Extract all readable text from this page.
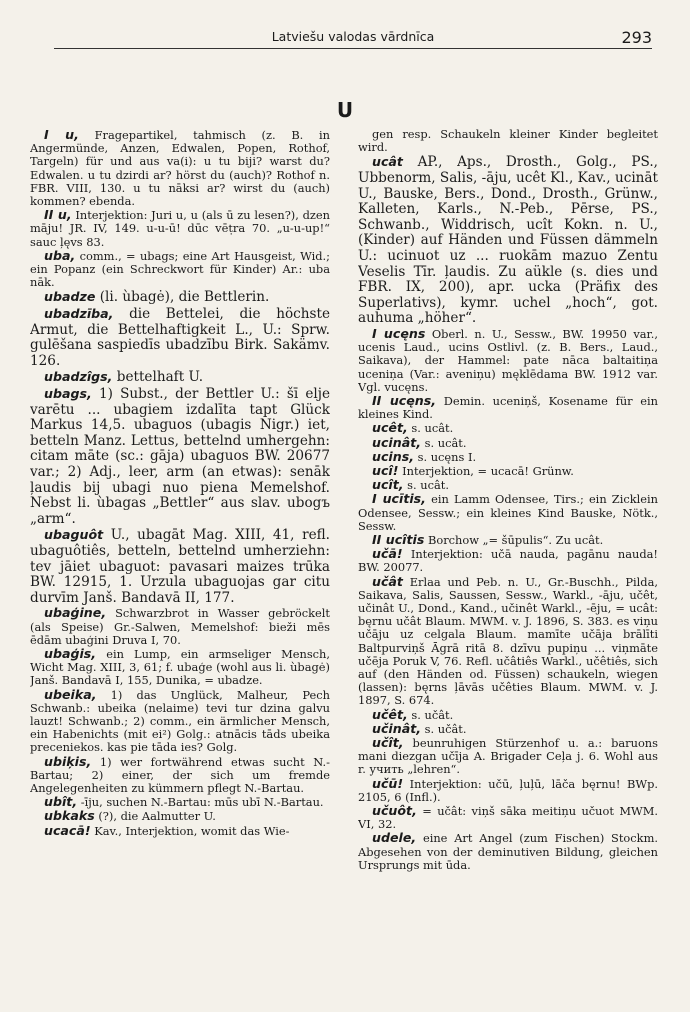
Latviešu valodas vārdnīca	293
U

I u, Fragepartikel, tahmisch (z. B. in Angermünde, Anzen, Edwalen, Popen, Rothof, Targeln) für und aus va(i): u tu biji? warst du? Edwalen. u tu dzirdi ar? hörst du (auch)? Rothof n. FBR. VIII, 130. u tu nāksi ar? wirst du (auch) kommen? ebenda.

II u, Interjektion: Juri u, u (als ū zu lesen?), dzen māju! JR. IV, 149. u-u-ū! dūc vēṭra 70. „u-u-up!“ sauc ļęvs 83.

uba, comm., = ubags; eine Art Hausgeist, Wid.; ein Popanz (ein Schreckwort für Kinder) Ar.: uba nāk.

ubadze (li. ùbagė), die Bettlerin.

ubadzība, die Bettelei, die höchste Armut, die Bettelhaftigkeit L., U.: Sprw. gulēšana saspiedīs ubadzību Birk. Sakämv. 126.

ubadzîgs, bettelhaft U.

ubags, 1) Subst., der Bettler U.: šī elje varētu ... ubagiem izdalīta tapt Glück Markus 14,5. ubaguos (ubagis Nigr.) iet, betteln Manz. Lettus, bettelnd umhergehn: citam māte (sc.: gāja) ubaguos BW. 20677 var.; 2) Adj., leer, arm (an etwas): senāk ļaudis bij ubagi nuo piena Memelshof. Nebst li. ùbagas „Bettler“ aus slav. ubogъ „arm“.

ubaguôt U., ubagāt Mag. XIII, 41, refl. ubaguôtiês, betteln, bettelnd umherziehn: tev jāiet ubaguot: pavasari maizes trūka BW. 12915, 1. Urzula ubaguojas gar citu durvīm Janš. Bandavā II, 177.

ubaģine, Schwarzbrot in Wasser gebröckelt (als Speise) Gr.-Salwen, Memelshof: bieži mēs ēdām ubaģini Druva I, 70.

ubaģis, ein Lump, ein armseliger Mensch, Wicht Mag. XIII, 3, 61; f. ubaģe (wohl aus li. ùbagė) Janš. Bandavā I, 155, Dunika, = ubadze.

ubeika, 1) das Unglück, Malheur, Pech Schwanb.: ubeika (nelaime) tevi tur dzina galvu lauzt! Schwanb.; 2) comm., ein ärmlicher Mensch, ein Habenichts (mit ei²) Golg.: atnācis tāds ubeika preceniekos. kas pie tāda ies? Golg.

ubiķis, 1) wer fortwährend etwas sucht N.-Bartau; 2) einer, der sich um fremde Angelegenheiten zu kümmern pflegt N.-Bartau.

ubît, -īju, suchen N.-Bartau: mūs ubī N.-Bartau.

ubkaks (?), die Aalmutter U.

ucacā! Kav., Interjektion, womit das Wie-

gen resp. Schaukeln kleiner Kinder begleitet wird.

ucât AP., Aps., Drosth., Golg., PS., Ubbenorm, Salis, -āju, ucêt Kl., Kav., ucināt U., Bauske, Bers., Dond., Drosth., Grünw., Kalleten, Karls., N.-Peb., Pērse, PS., Schwanb., Widdrisch, ucît Kokn. n. U., (Kinder) auf Händen und Füssen dämmeln U.: ucinuot uz ... ruokām mazuo Zentu Veselis Tīr. ļaudis. Zu aükle (s. dies und FBR. IX, 200), apr. ucka (Präfix des Superlativs), kymr. uchel „hoch“, got. auhuma „höher“.

I ucęns Oberl. n. U., Sessw., BW. 19950 var., ucenis Laud., ucins Ostlivl. (z. B. Bers., Laud., Saikava), der Hammel: pate nāca baltaitiņa uceniņa (Var.: aveniņu) męklēdama BW. 1912 var. Vgl. vucęns.

II ucęns, Demin. uceniņš, Kosename für ein kleines Kind.

ucêt, s. ucât.

ucinât, s. ucât.

ucins, s. ucęns I.

ucî! Interjektion, = ucacā! Grünw.

ucît, s. ucât.

I ucītis, ein Lamm Odensee, Tirs.; ein Zicklein Odensee, Sessw.; ein kleines Kind Bauske, Nötk., Sessw.

II ucîtis Borchow „= šūpulis“. Zu ucât.

učā! Interjektion: učā nauda, pagānu nauda! BW. 20077.

učât Erlaa und Peb. n. U., Gr.-Buschh., Pilda, Saikava, Salis, Saussen, Sessw., Warkl., -āju, učêt, učinât U., Dond., Kand., učinêt Warkl., -ēju, = ucât: bęrnu učât Blaum. MWM. v. J. 1896, S. 383. es viņu učāju uz celgala Blaum. mamīte učāja brālīti Baltpurviņš Āgrā ritā 8. dzīvu pupiņu ... viņmāte učēja Poruk V, 76. Refl. učâtiês Warkl., učêtiês, sich auf (den Händen od. Füssen) schaukeln, wiegen (lassen): bęrns ļāvās učêties Blaum. MWM. v. J. 1897, S. 674.

učêt, s. učât.

učinât, s. učât.

učît, beunruhigen Stürzenhof u. a.: baruons mani diezgan učīja A. Brigader Ceļa j. 6. Wohl aus r. учить „lehren“.

učū! Interjektion: učū, ļuļū, lāča bęrnu! BWp. 2105, 6 (Infl.).

učuôt, = učât: viņš sāka meitiņu učuot MWM. VI, 32.

udele, eine Art Angel (zum Fischen) Stockm. Abgesehen von der deminutiven Bildung, gleichen Ursprungs mit ūda.
